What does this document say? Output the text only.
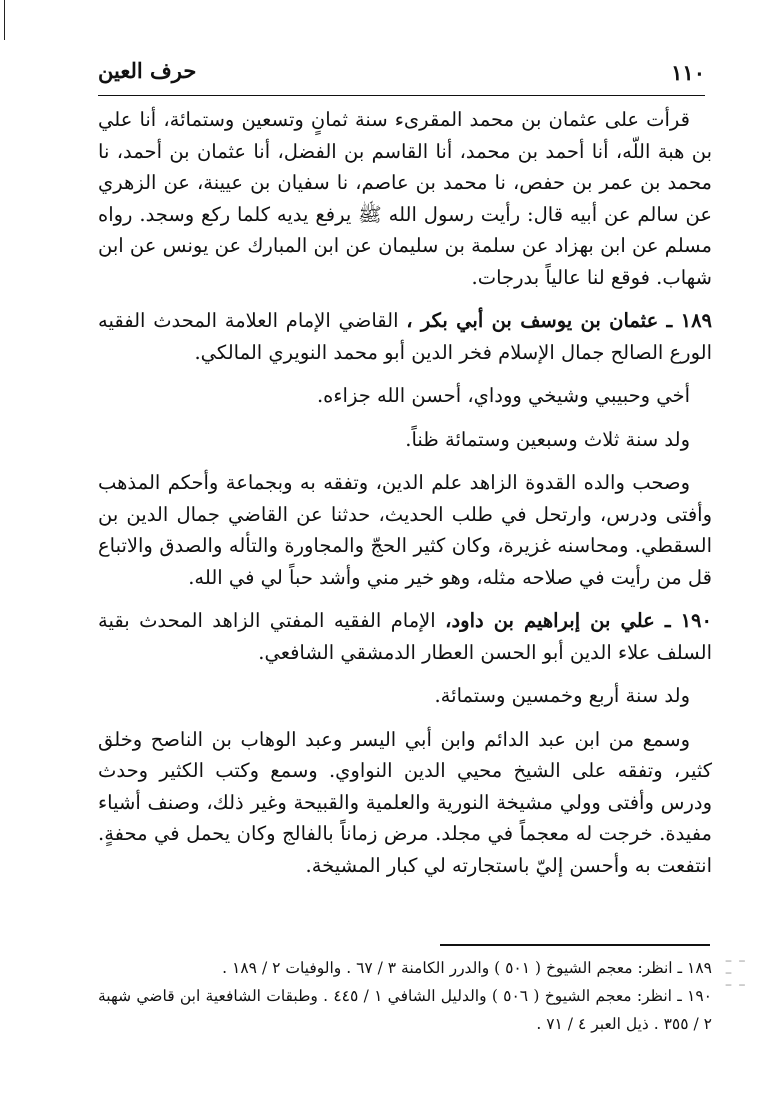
١١٠
حرف العين

قرأت على عثمان بن محمد المقرىء سنة ثمانٍ وتسعين وستمائة، أنا علي بن هبة اللّه، أنا أحمد بن محمد، أنا القاسم بن الفضل، أنا عثمان بن أحمد، نا محمد بن عمر بن حفص، نا محمد بن عاصم، نا سفيان بن عيينة، عن الزهري عن سالم عن أبيه قال: رأيت رسول الله ﷺ يرفع يديه كلما ركع وسجد. رواه مسلم عن ابن بهزاد عن سلمة بن سليمان عن ابن المبارك عن يونس عن ابن شهاب. فوقع لنا عالياً بدرجات.

١٨٩ ـ عثمان بن يوسف بن أبي بكر ، القاضي الإمام العلامة المحدث الفقيه الورع الصالح جمال الإسلام فخر الدين أبو محمد النويري المالكي.

أخي وحبيبي وشيخي ووداي، أحسن الله جزاءه.

ولد سنة ثلاث وسبعين وستمائة ظناً.

وصحب والده القدوة الزاهد علم الدين، وتفقه به وبجماعة وأحكم المذهب وأفتى ودرس، وارتحل في طلب الحديث، حدثنا عن القاضي جمال الدين بن السقطي. ومحاسنه غزيرة، وكان كثير الحجّ والمجاورة والتأله والصدق والاتباع قل من رأيت في صلاحه مثله، وهو خير مني وأشد حباً لي في الله.

١٩٠ ـ علي بن إبراهيم بن داود، الإمام الفقيه المفتي الزاهد المحدث بقية السلف علاء الدين أبو الحسن العطار الدمشقي الشافعي.

ولد سنة أربع وخمسين وستمائة.

وسمع من ابن عبد الدائم وابن أبي اليسر وعبد الوهاب بن الناصح وخلق كثير، وتفقه على الشيخ محيي الدين النواوي. وسمع وكتب الكثير وحدث ودرس وأفتى وولي مشيخة النورية والعلمية والقبيحة وغير ذلك، وصنف أشياء مفيدة. خرجت له معجماً في مجلد. مرض زماناً بالفالج وكان يحمل في محفةٍ. انتفعت به وأحسن إليّ باستجارته لي كبار المشيخة.

١٨٩ ـ انظر: معجم الشيوخ ( ٥٠١ ) والدرر الكامنة ٣ / ٦٧ . والوفيات ٢ / ١٨٩ .

١٩٠ ـ انظر: معجم الشيوخ ( ٥٠٦ ) والدليل الشافي ١ / ٤٤٥ . وطبقات الشافعية ابن قاضي شهبة ٢ / ٣٥٥ . ذيل العبر ٤ / ٧١ .

– –
–
– –
